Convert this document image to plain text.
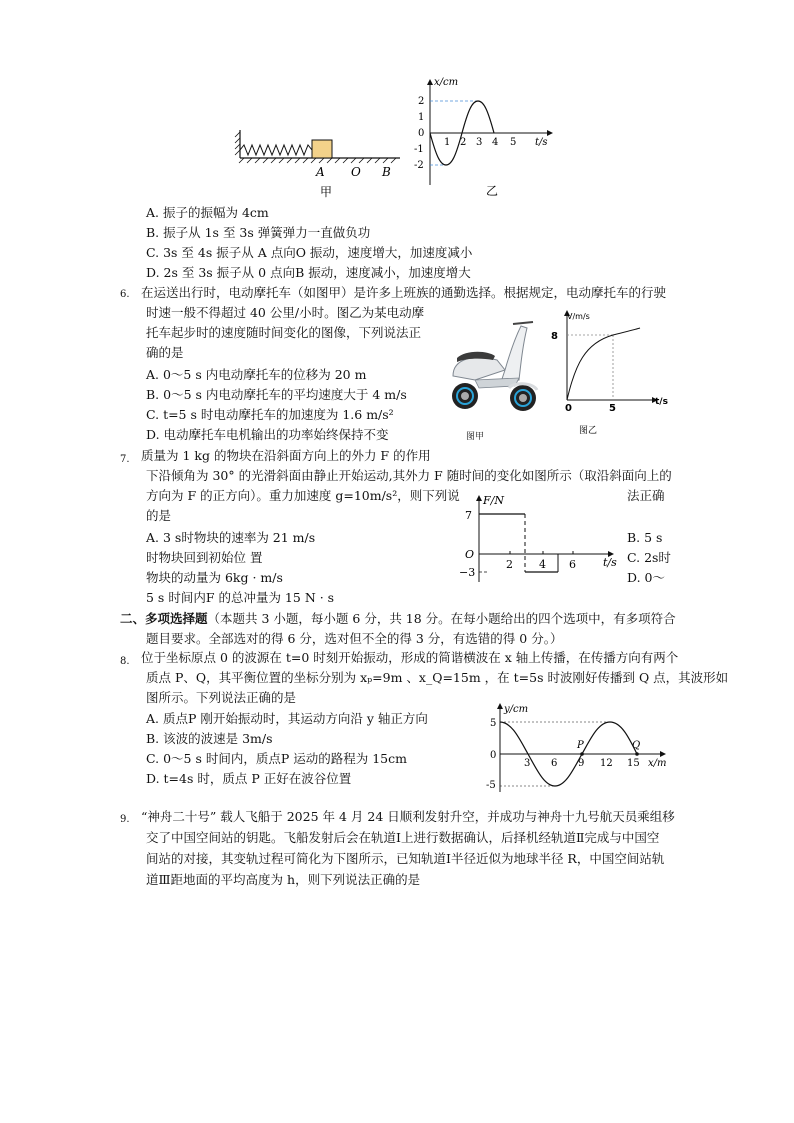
A O B
甲
x/cm
t/s
2
1
0
-1
-2
1 2 3 4 5
乙
A. 振子的振幅为 4cm
B. 振子从 1s 至 3s 弹簧弹力一直做负功
C. 3s 至 4s 振子从 A 点向O 振动，速度增大，加速度减小
D. 2s 至 3s 振子从 0 点向B 振动，速度减小，加速度增大
6. 在运送出行时，电动摩托车（如图甲）是许多上班族的通勤选择。根据规定，电动摩托车的行驶
时速一般不得超过 40 公里/小时。图乙为某电动摩
托车起步时的速度随时间变化的图像，下列说法正
确的是
A. 0～5 s 内电动摩托车的位移为 20 m
B. 0～5 s 内电动摩托车的平均速度大于 4 m/s
C. t=5 s 时电动摩托车的加速度为 1.6 m/s²
D. 电动摩托车电机输出的功率始终保持不变	图甲
V/m/s
t/s
8
0	5
图乙
7. 质量为 1 kg 的物块在沿斜面方向上的外力 F 的作用
下沿倾角为 30° 的光滑斜面由静止开始运动,其外力 F 随时间的变化如图所示（取沿斜面向上的
方向为 F 的正方向）。重力加速度 g=10m/s²，则下列说	法正确
的是
A. 3 s时物块的速率为 21 m/s
时物块回到初始位 置
物块的动量为 6kg · m/s
5 s 时间内F 的总冲量为 15 N · s
B. 5 s
C. 2s时
D. 0～
F/N
t/s
7
O
−3
2 4 6
二、多项选择题（本题共 3 小题，每小题 6 分，共 18 分。在每小题给出的四个选项中，有多项符合
题目要求。全部选对的得 6 分，选对但不全的得 3 分，有选错的得 0 分。）
8. 位于坐标原点 0 的波源在 t=0 时刻开始振动，形成的简谐横波在 x 轴上传播，在传播方向有两个
质点 P、Q，其平衡位置的坐标分别为 xₚ=9m 、x_Q=15m ，在 t=5s 时波刚好传播到 Q 点，其波形如
图所示。下列说法正确的是
A. 质点P 刚开始振动时，其运动方向沿 y 轴正方向
B. 该波的波速是 3m/s
C. 0～5 s 时间内，质点P 运动的路程为 15cm
D. t=4s 时，质点 P 正好在波谷位置
y/cm
x/m
5
0
-5
3 6 9 12 15
P	Q
9. “神舟二十号” 载人飞船于 2025 年 4 月 24 日顺利发射升空，并成功与神舟十九号航天员乘组移
交了中国空间站的钥匙。飞船发射后会在轨道Ⅰ上进行数据确认，后择机经轨道Ⅱ完成与中国空
间站的对接，其变轨过程可简化为下图所示，已知轨道Ⅰ半径近似为地球半径 R，中国空间站轨
道Ⅲ距地面的平均高度为 h，则下列说法正确的是
